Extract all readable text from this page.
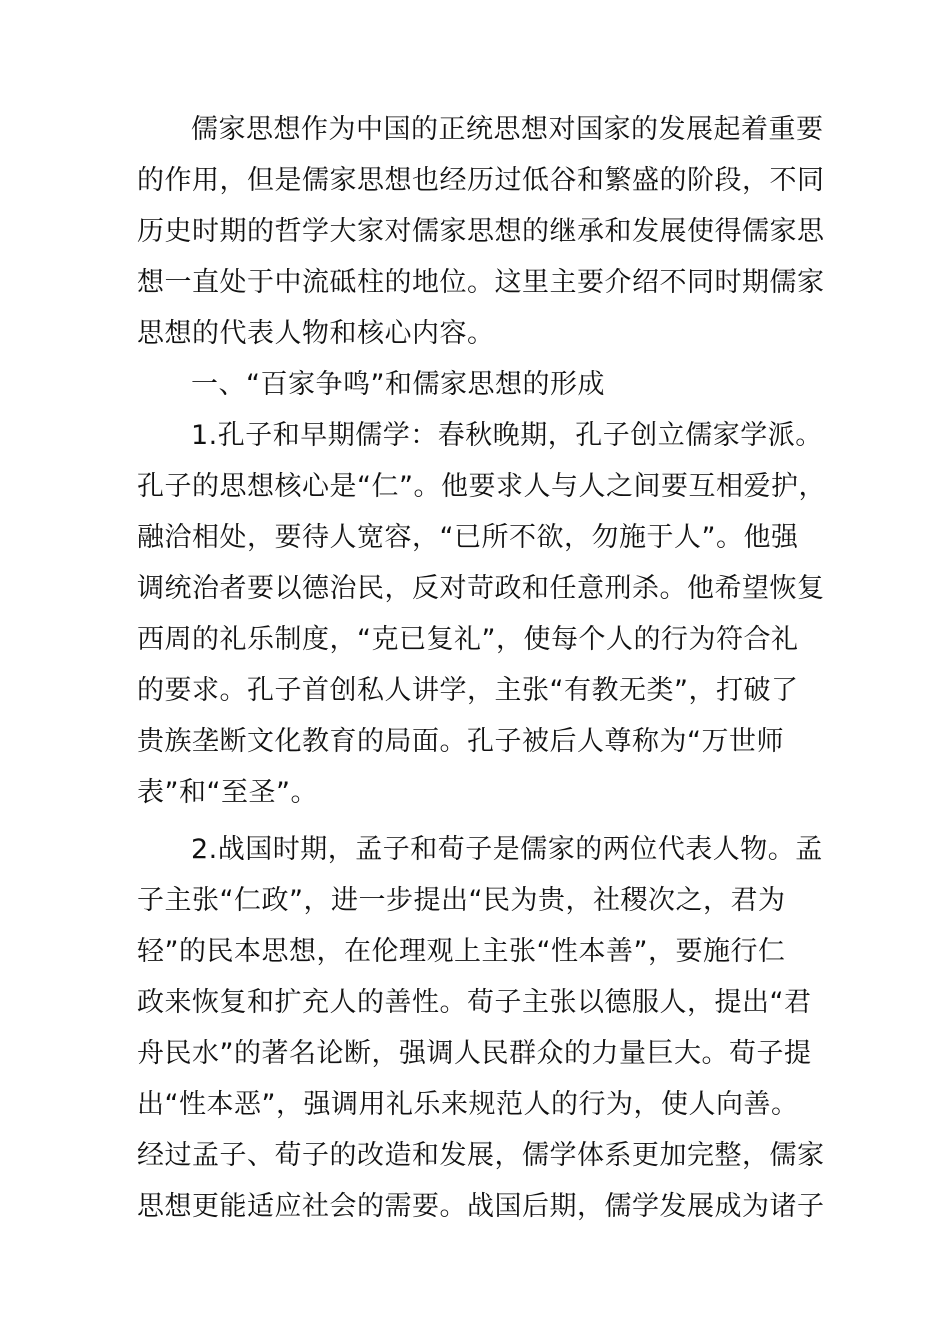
儒家思想作为中国的正统思想对国家的发展起着重要
的作用，但是儒家思想也经历过低谷和繁盛的阶段，不同
历史时期的哲学大家对儒家思想的继承和发展使得儒家思
想一直处于中流砥柱的地位。这里主要介绍不同时期儒家
思想的代表人物和核心内容。
一、“百家争鸣”和儒家思想的形成
1.孔子和早期儒学：春秋晚期，孔子创立儒家学派。
孔子的思想核心是“仁”。他要求人与人之间要互相爱护，
融洽相处，要待人宽容，“已所不欲，勿施于人”。他强
调统治者要以德治民，反对苛政和任意刑杀。他希望恢复
西周的礼乐制度，“克已复礼”，使每个人的行为符合礼
的要求。孔子首创私人讲学，主张“有教无类”，打破了
贵族垄断文化教育的局面。孔子被后人尊称为“万世师
表”和“至圣”。
2.战国时期，孟子和荀子是儒家的两位代表人物。孟
子主张“仁政”，进一步提出“民为贵，社稷次之，君为
轻”的民本思想，在伦理观上主张“性本善”，要施行仁
政来恢复和扩充人的善性。荀子主张以德服人，提出“君
舟民水”的著名论断，强调人民群众的力量巨大。荀子提
出“性本恶”，强调用礼乐来规范人的行为，使人向善。
经过孟子、荀子的改造和发展，儒学体系更加完整，儒家
思想更能适应社会的需要。战国后期，儒学发展成为诸子
